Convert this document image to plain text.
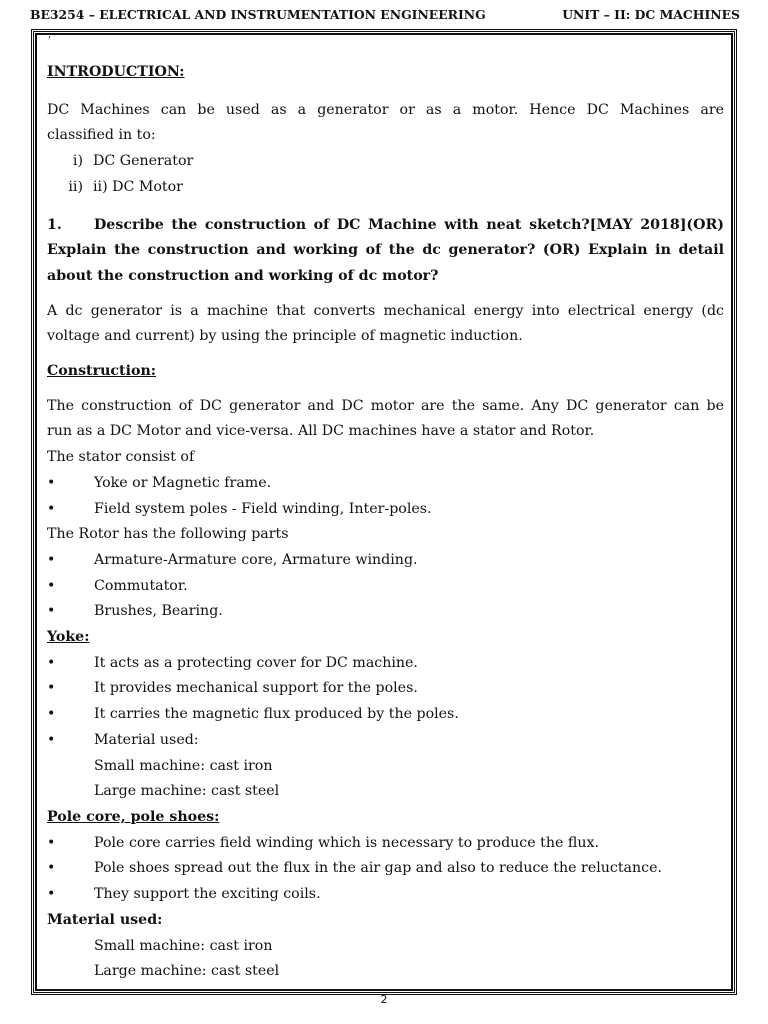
BE3254 – ELECTRICAL AND INSTRUMENTATION ENGINEERING	UNIT – II: DC MACHINES
,
INTRODUCTION:
DC Machines can be used as a generator or as a motor. Hence DC Machines are
classified in to:
i) DC Generator
ii) ii) DC Motor
1.	Describe the construction of DC Machine with neat sketch?[MAY 2018](OR)
Explain the construction and working of the dc generator? (OR) Explain in detail
about the construction and working of dc motor?
A dc generator is a machine that converts mechanical energy into electrical energy (dc
voltage and current) by using the principle of magnetic induction.
Construction:
The construction of DC generator and DC motor are the same. Any DC generator can be
run as a DC Motor and vice-versa. All DC machines have a stator and Rotor.
The stator consist of
•	Yoke or Magnetic frame.
•	Field system poles - Field winding, Inter-poles.
The Rotor has the following parts
•	Armature-Armature core, Armature winding.
•	Commutator.
•	Brushes, Bearing.
Yoke:
•	It acts as a protecting cover for DC machine.
•	It provides mechanical support for the poles.
•	It carries the magnetic flux produced by the poles.
•	Material used:
Small machine: cast iron
Large machine: cast steel
Pole core, pole shoes:
•	Pole core carries field winding which is necessary to produce the flux.
•	Pole shoes spread out the flux in the air gap and also to reduce the reluctance.
•	They support the exciting coils.
Material used:
Small machine: cast iron
Large machine: cast steel
2
